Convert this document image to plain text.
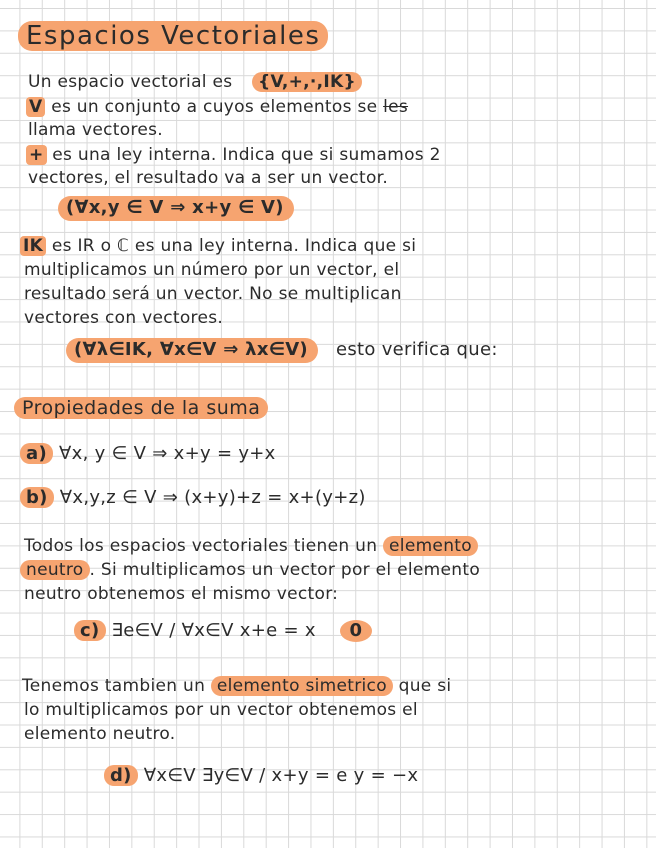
Espacios Vectoriales
Un espacio vectorial es {V,+,·,IK}
V es un conjunto a cuyos elementos se les
llama vectores.
+ es una ley interna. Indica que si sumamos 2
vectores, el resultado va a ser un vector.
(∀x,y ∈ V ⇒ x+y ∈ V)
IK es IR o ℂ es una ley interna. Indica que si
multiplicamos un número por un vector, el
resultado será un vector. No se multiplican
vectores con vectores.
(∀λ∈IK, ∀x∈V ⇒ λx∈V) esto verifica que:
Propiedades de la suma
a) ∀x, y ∈ V ⇒ x+y = y+x
b) ∀x,y,z ∈ V ⇒ (x+y)+z = x+(y+z)
Todos los espacios vectoriales tienen un elemento
neutro . Si multiplicamos un vector por el elemento
neutro obtenemos el mismo vector:
c) ∃e∈V / ∀x∈V x+e = x 0
Tenemos tambien un elemento simetrico que si
lo multiplicamos por un vector obtenemos el
elemento neutro.
d) ∀x∈V ∃y∈V / x+y = e y = −x
